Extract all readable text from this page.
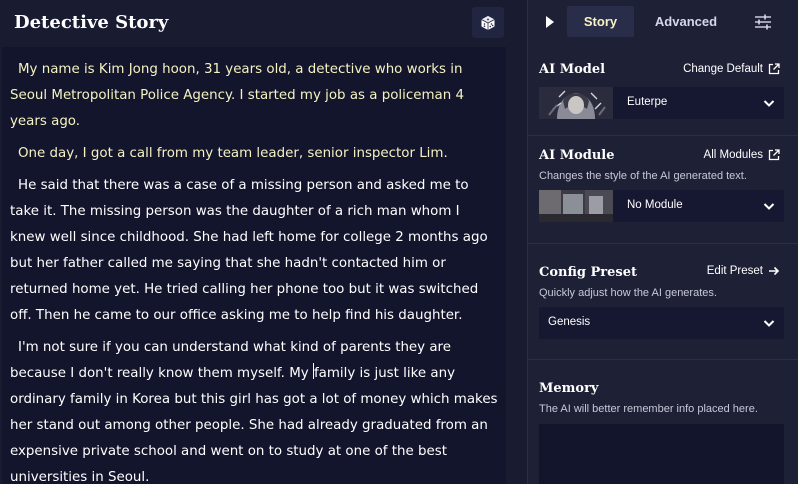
Detective Story

My name is Kim Jong hoon, 31 years old, a detective who works in Seoul Metropolitan Police Agency. I started my job as a policeman 4 years ago.

One day, I got a call from my team leader, senior inspector Lim.

He said that there was a case of a missing person and asked me to take it. The missing person was the daughter of a rich man whom I knew well since childhood. She had left home for college 2 months ago but her father called me saying that she hadn't contacted him or returned home yet. He tried calling her phone too but it was switched off. Then he came to our office asking me to help find his daughter.

I'm not sure if you can understand what kind of parents they are because I don't really know them myself. My family is just like any ordinary family in Korea but this girl has got a lot of money which makes her stand out among other people. She had already graduated from an expensive private school and went on to study at one of the best universities in Seoul.

Story	Advanced
AI Model	Change Default
Euterpe
AI Module	All Modules
Changes the style of the AI generated text.
No Module
Config Preset	Edit Preset
Quickly adjust how the AI generates.
Genesis
Memory
The AI will better remember info placed here.
